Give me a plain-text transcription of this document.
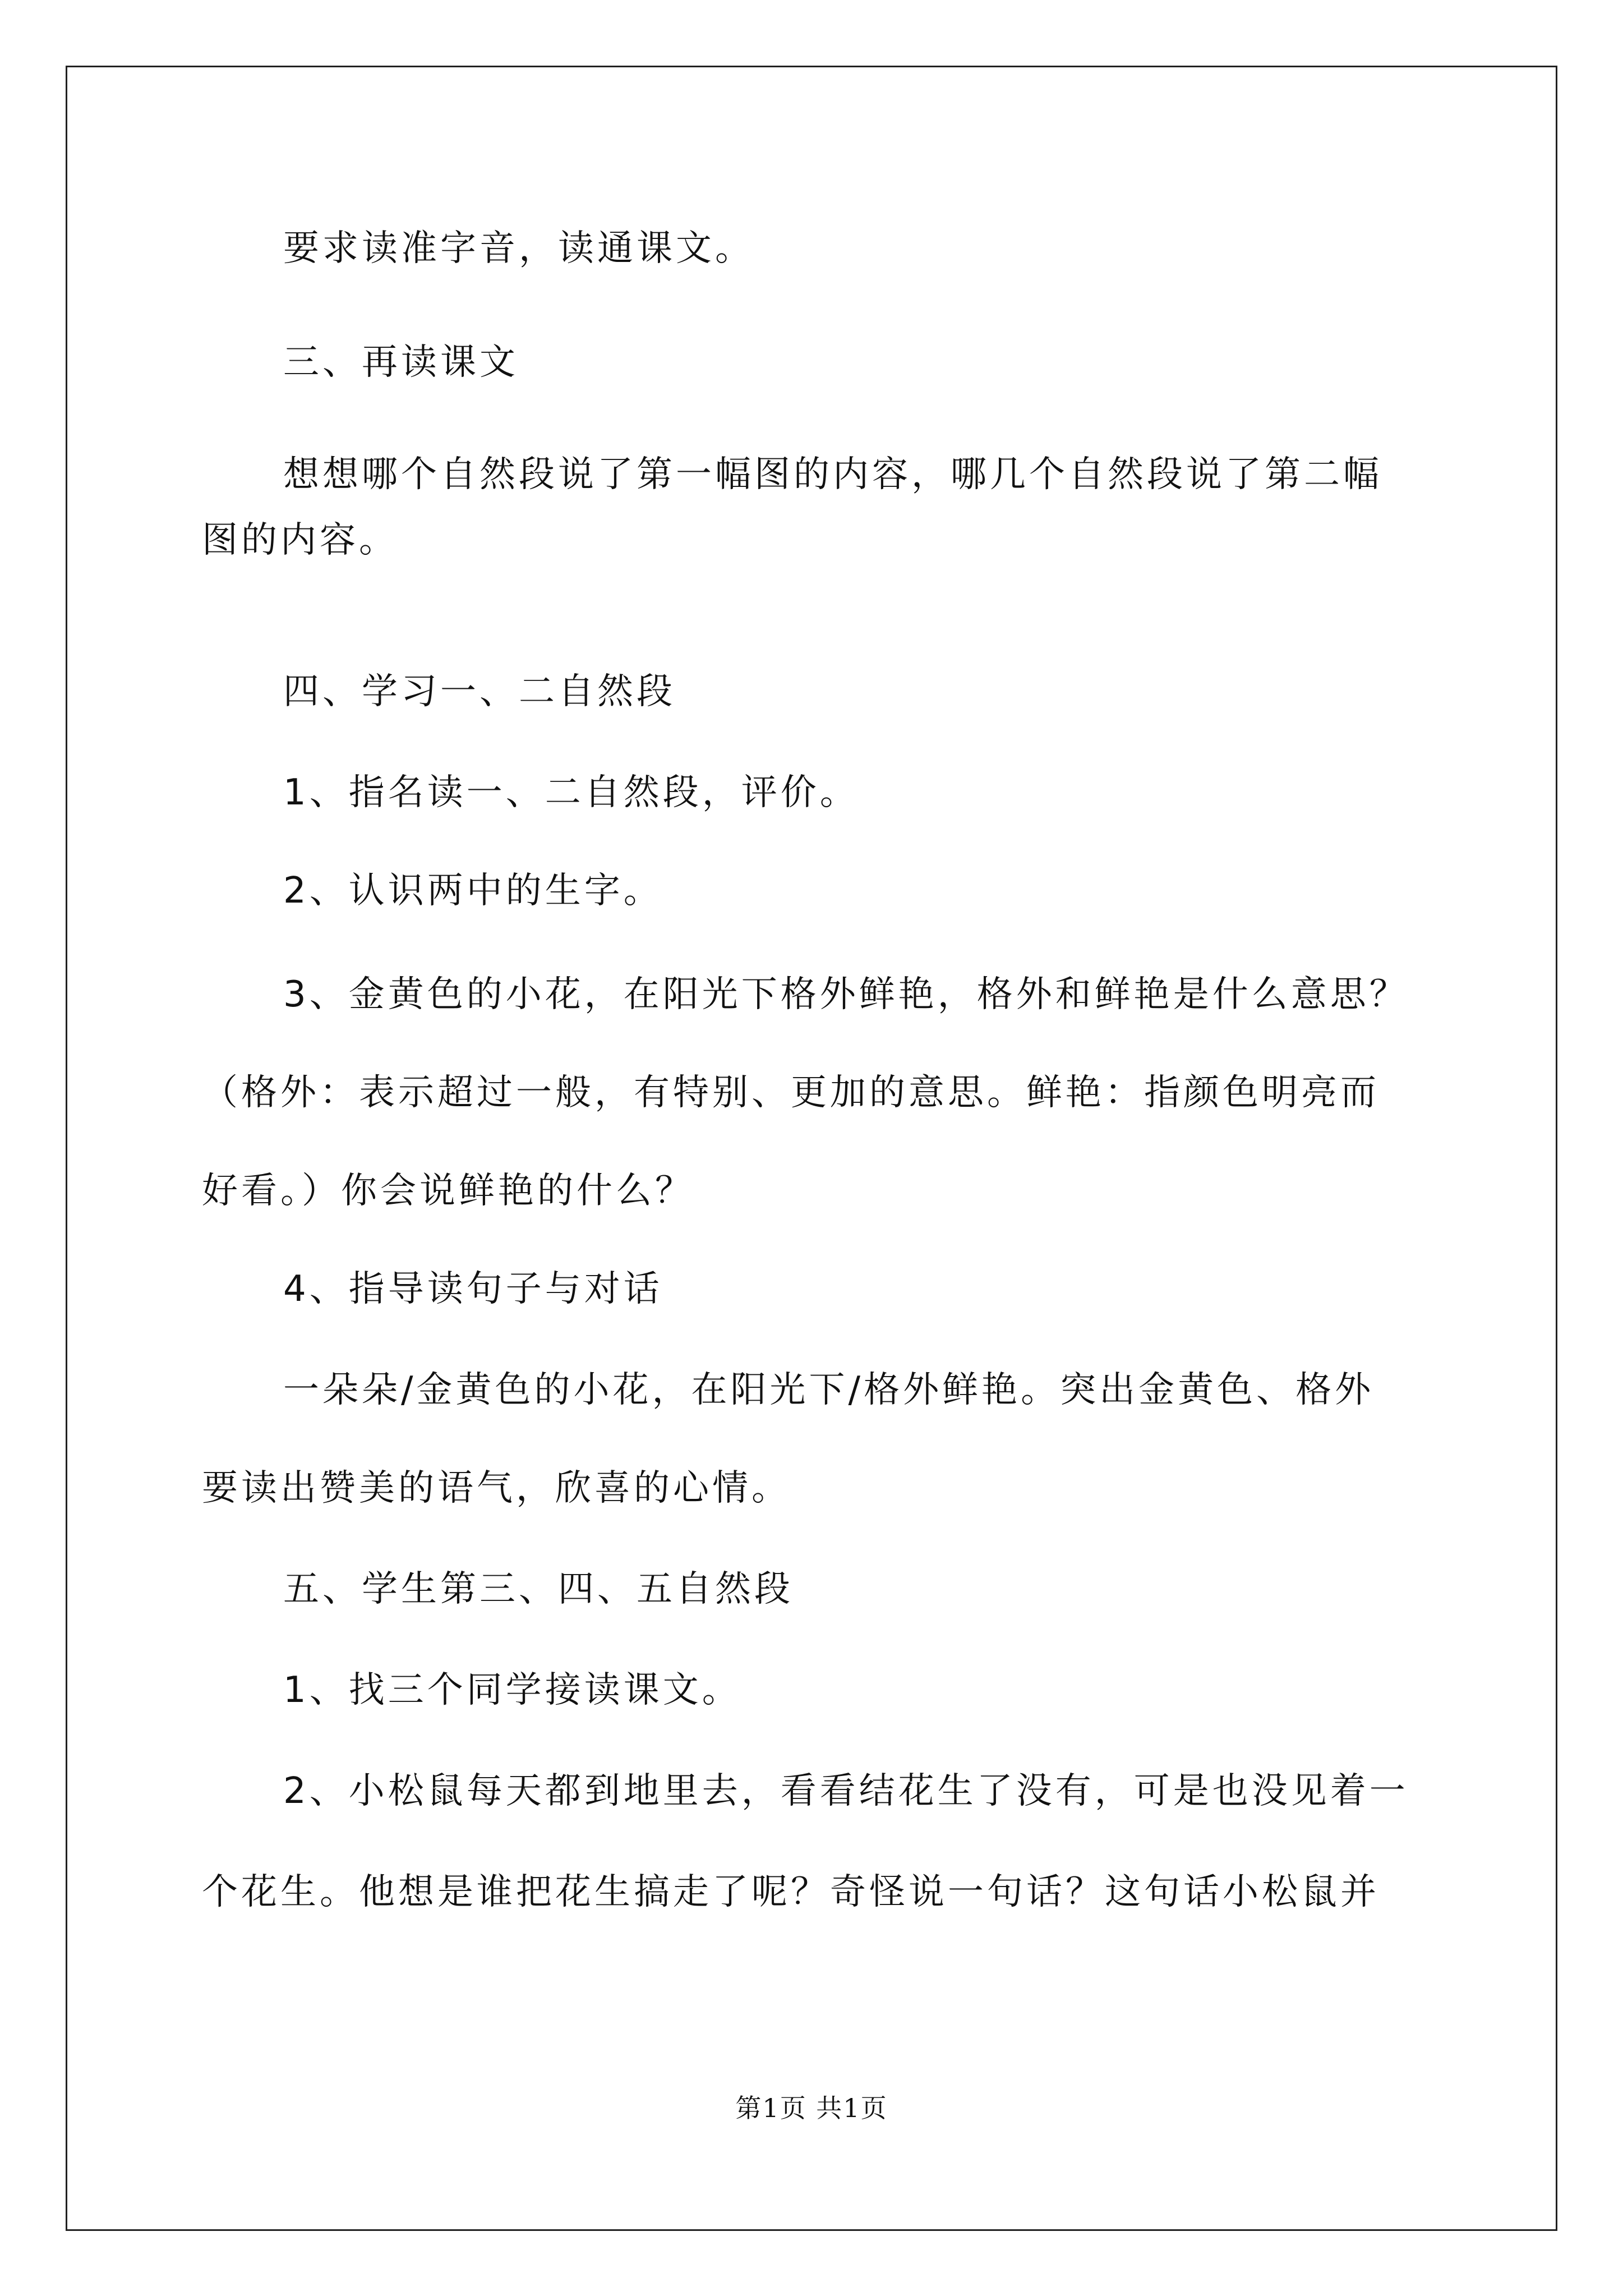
要求读准字音，读通课文。

三、再读课文

想想哪个自然段说了第一幅图的内容，哪几个自然段说了第二幅

图的内容。

四、学习一、二自然段

1、指名读一、二自然段，评价。

2、认识两中的生字。

3、金黄色的小花，在阳光下格外鲜艳，格外和鲜艳是什么意思？

（格外：表示超过一般，有特别、更加的意思。鲜艳：指颜色明亮而

好看。）你会说鲜艳的什么？

4、指导读句子与对话

一朵朵/金黄色的小花，在阳光下/格外鲜艳。突出金黄色、格外

要读出赞美的语气，欣喜的心情。

五、学生第三、四、五自然段

1、找三个同学接读课文。

2、小松鼠每天都到地里去，看看结花生了没有，可是也没见着一

个花生。他想是谁把花生搞走了呢？奇怪说一句话？这句话小松鼠并

第1页 共1页
